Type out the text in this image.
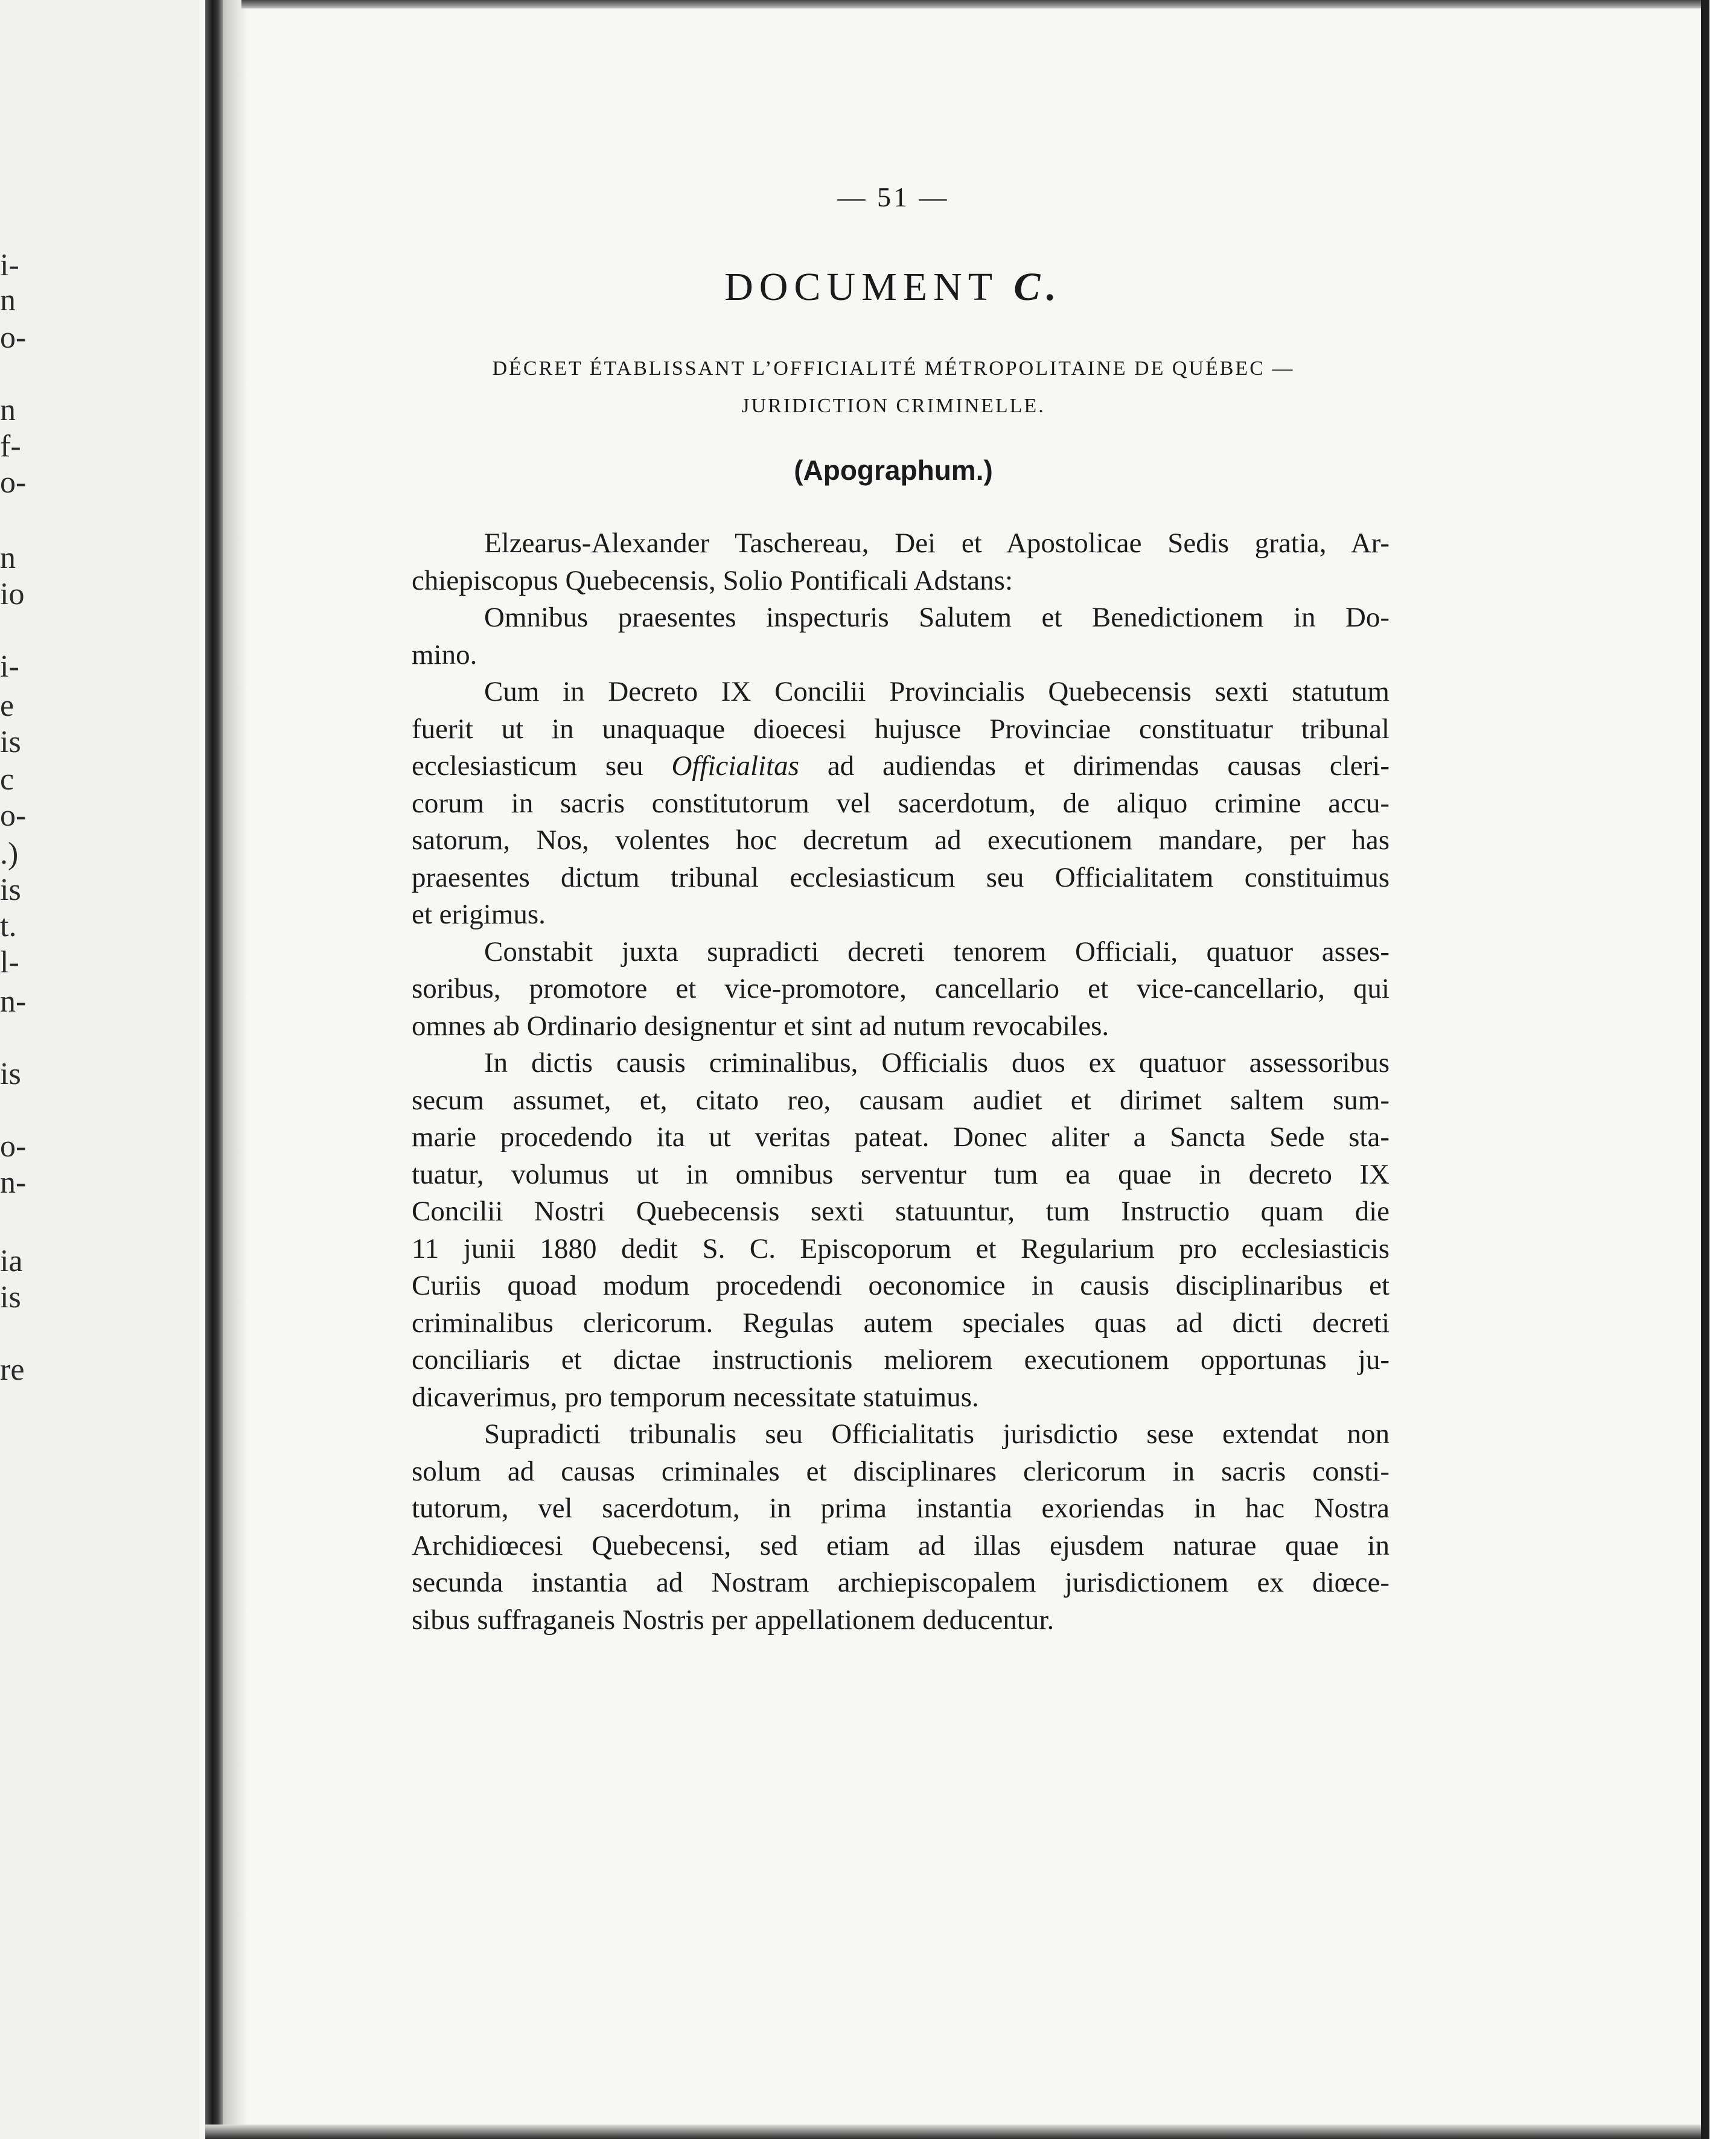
i-
n
o-
n
f-
o-
n
io
i-
e
is
c
o-
.)
is
t.
l-
n-
is
o-
n-
ia
is
re
— 51 —
DOCUMENT C.
DÉCRET ÉTABLISSANT L’OFFICIALITÉ MÉTROPOLITAINE DE QUÉBEC —
JURIDICTION CRIMINELLE.
(Apographum.)
Elzearus-Alexander Taschereau, Dei et Apostolicae Sedis gratia, Ar-
chiepiscopus Quebecensis, Solio Pontificali Adstans:
Omnibus praesentes inspecturis Salutem et Benedictionem in Do-
mino.
Cum in Decreto IX Concilii Provincialis Quebecensis sexti statutum
fuerit ut in unaquaque dioecesi hujusce Provinciae constituatur tribunal
ecclesiasticum seu Officialitas ad audiendas et dirimendas causas cleri-
corum in sacris constitutorum vel sacerdotum, de aliquo crimine accu-
satorum, Nos, volentes hoc decretum ad executionem mandare, per has
praesentes dictum tribunal ecclesiasticum seu Officialitatem constituimus
et erigimus.
Constabit juxta supradicti decreti tenorem Officiali, quatuor asses-
soribus, promotore et vice-promotore, cancellario et vice-cancellario, qui
omnes ab Ordinario designentur et sint ad nutum revocabiles.
In dictis causis criminalibus, Officialis duos ex quatuor assessoribus
secum assumet, et, citato reo, causam audiet et dirimet saltem sum-
marie procedendo ita ut veritas pateat. Donec aliter a Sancta Sede sta-
tuatur, volumus ut in omnibus serventur tum ea quae in decreto IX
Concilii Nostri Quebecensis sexti statuuntur, tum Instructio quam die
11 junii 1880 dedit S. C. Episcoporum et Regularium pro ecclesiasticis
Curiis quoad modum procedendi oeconomice in causis disciplinaribus et
criminalibus clericorum. Regulas autem speciales quas ad dicti decreti
conciliaris et dictae instructionis meliorem executionem opportunas ju-
dicaverimus, pro temporum necessitate statuimus.
Supradicti tribunalis seu Officialitatis jurisdictio sese extendat non
solum ad causas criminales et disciplinares clericorum in sacris consti-
tutorum, vel sacerdotum, in prima instantia exoriendas in hac Nostra
Archidiœcesi Quebecensi, sed etiam ad illas ejusdem naturae quae in
secunda instantia ad Nostram archiepiscopalem jurisdictionem ex diœce-
sibus suffraganeis Nostris per appellationem deducentur.
